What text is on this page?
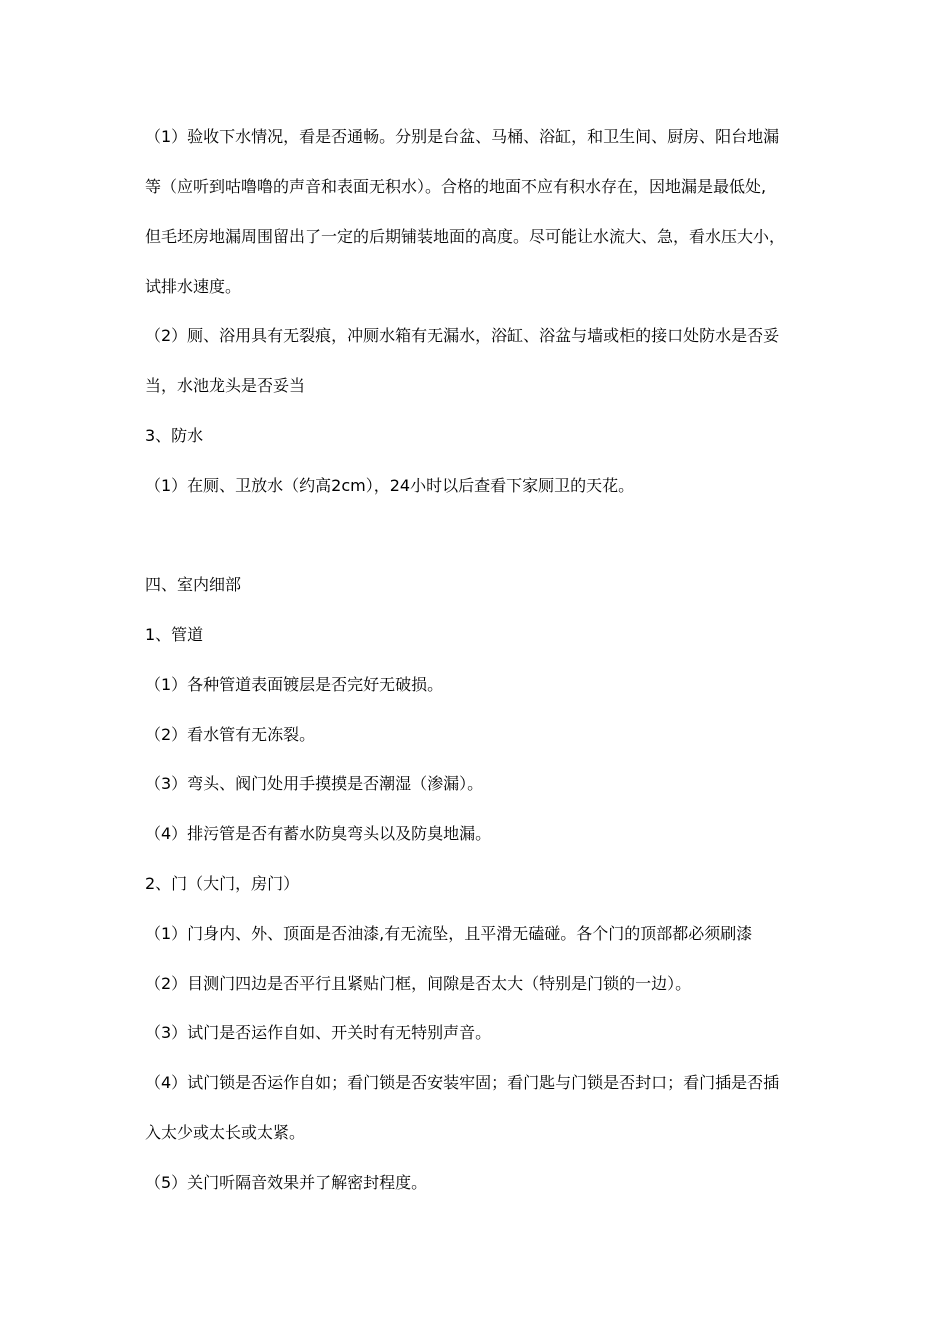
（1）验收下水情况，看是否通畅。分别是台盆、马桶、浴缸，和卫生间、厨房、阳台地漏
等（应听到咕噜噜的声音和表面无积水）。合格的地面不应有积水存在，因地漏是最低处,
但毛坯房地漏周围留出了一定的后期铺装地面的高度。尽可能让水流大、急，看水压大小，
试排水速度。
（2）厕、浴用具有无裂痕，冲厕水箱有无漏水，浴缸、浴盆与墙或柜的接口处防水是否妥
当，水池龙头是否妥当
3、防水
（1）在厕、卫放水（约高2cm），24小时以后查看下家厕卫的天花。
四、室内细部
1、管道
（1）各种管道表面镀层是否完好无破损。
（2）看水管有无冻裂。
（3）弯头、阀门处用手摸摸是否潮湿（渗漏）。
（4）排污管是否有蓄水防臭弯头以及防臭地漏。
2、门（大门，房门）
（1）门身内、外、顶面是否油漆,有无流坠，且平滑无磕碰。各个门的顶部都必须刷漆
（2）目测门四边是否平行且紧贴门框，间隙是否太大（特别是门锁的一边）。
（3）试门是否运作自如、开关时有无特别声音。
（4）试门锁是否运作自如；看门锁是否安装牢固；看门匙与门锁是否封口；看门插是否插
入太少或太长或太紧。
（5）关门听隔音效果并了解密封程度。
